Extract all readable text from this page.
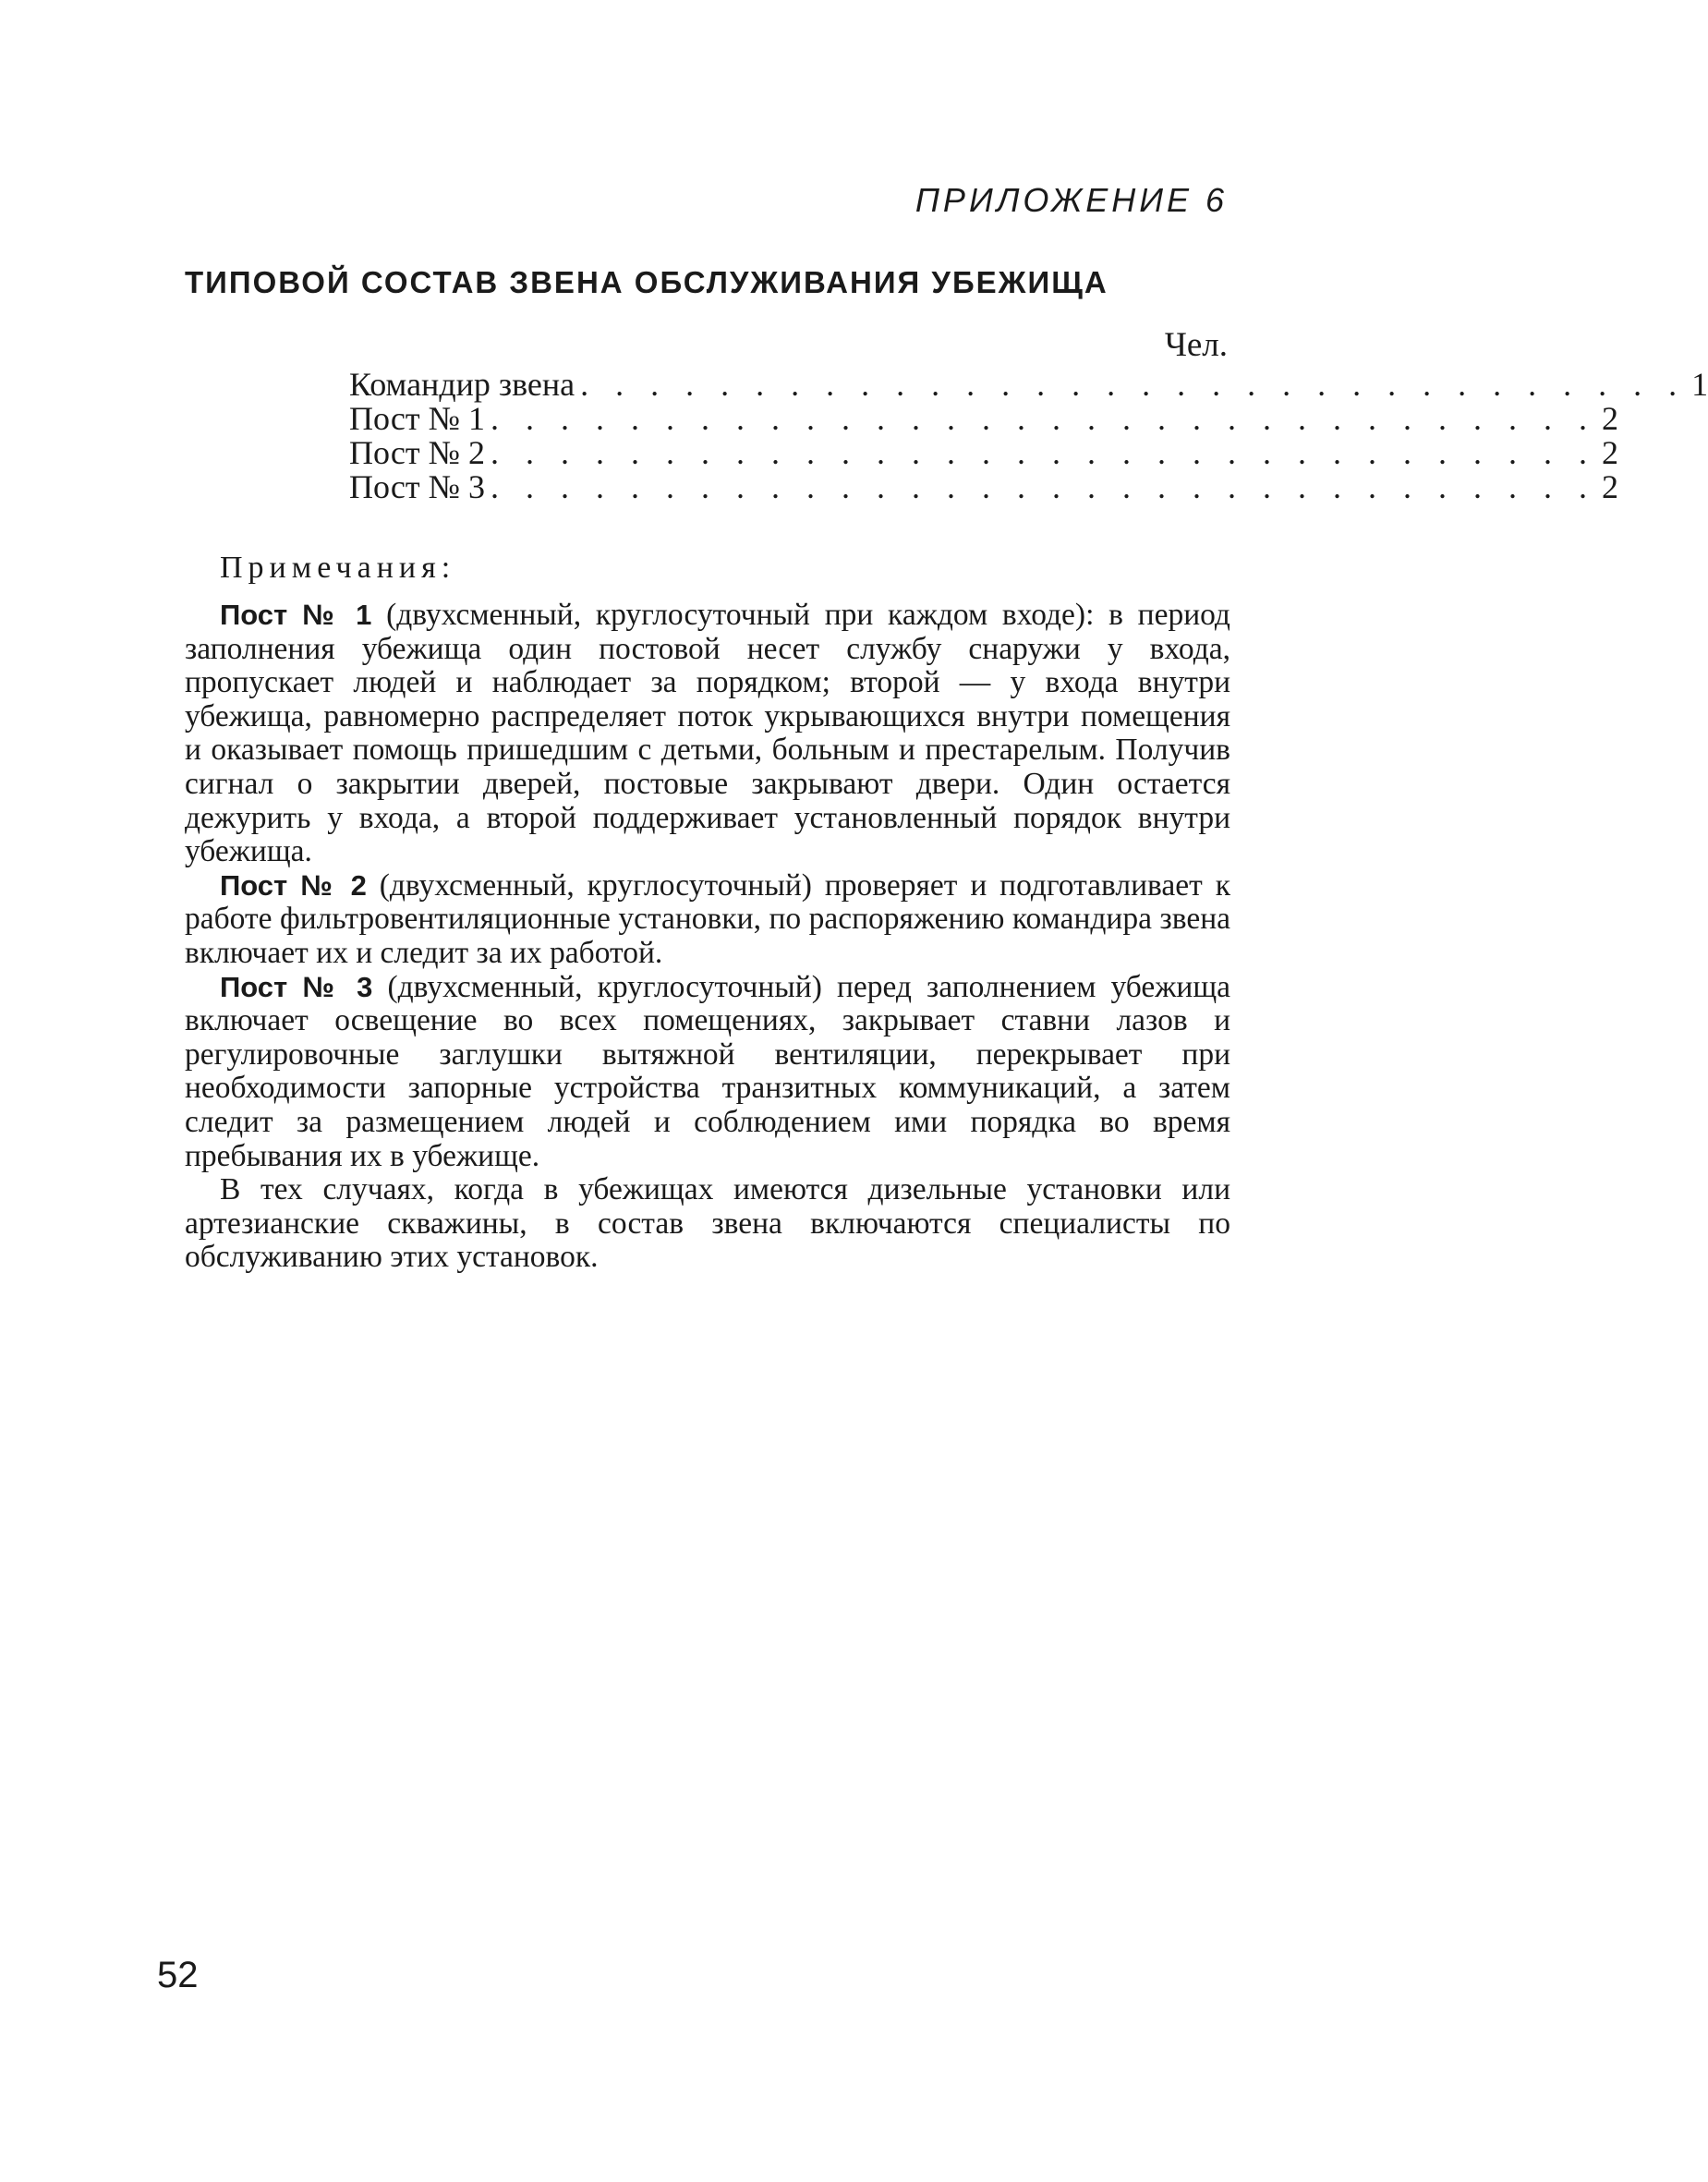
ПРИЛОЖЕНИЕ 6
ТИПОВОЙ СОСТАВ ЗВЕНА ОБСЛУЖИВАНИЯ УБЕЖИЩА
Чел.
Командир звена . . . . . . . . . . . . . . . . . . . . . . . . . . . . . . . . 1
Пост № 1 . . . . . . . . . . . . . . . . . . . . . . . . . . . . . . . . 2
Пост № 2 . . . . . . . . . . . . . . . . . . . . . . . . . . . . . . . . 2
Пост № 3 . . . . . . . . . . . . . . . . . . . . . . . . . . . . . . . . 2
Примечания:

Пост № 1 (двухсменный, круглосуточный при каждом входе): в период заполнения убежища один постовой несет службу снаружи у входа, пропускает людей и наблюдает за порядком; второй — у входа внутри убежища, равномерно распределяет поток укрывающихся внутри помещения и оказывает помощь пришедшим с детьми, больным и престарелым. Получив сигнал о закрытии дверей, постовые закрывают двери. Один остается дежурить у входа, а второй поддерживает установленный порядок внутри убежища.

Пост № 2 (двухсменный, круглосуточный) проверяет и подготавливает к работе фильтровентиляционные установки, по распоряжению командира звена включает их и следит за их работой.

Пост № 3 (двухсменный, круглосуточный) перед заполнением убежища включает освещение во всех помещениях, закрывает ставни лазов и регулировочные заглушки вытяжной вентиляции, перекрывает при необходимости запорные устройства транзитных коммуникаций, а затем следит за размещением людей и соблюдением ими порядка во время пребывания их в убежище.

В тех случаях, когда в убежищах имеются дизельные установки или артезианские скважины, в состав звена включаются специалисты по обслуживанию этих установок.

52
